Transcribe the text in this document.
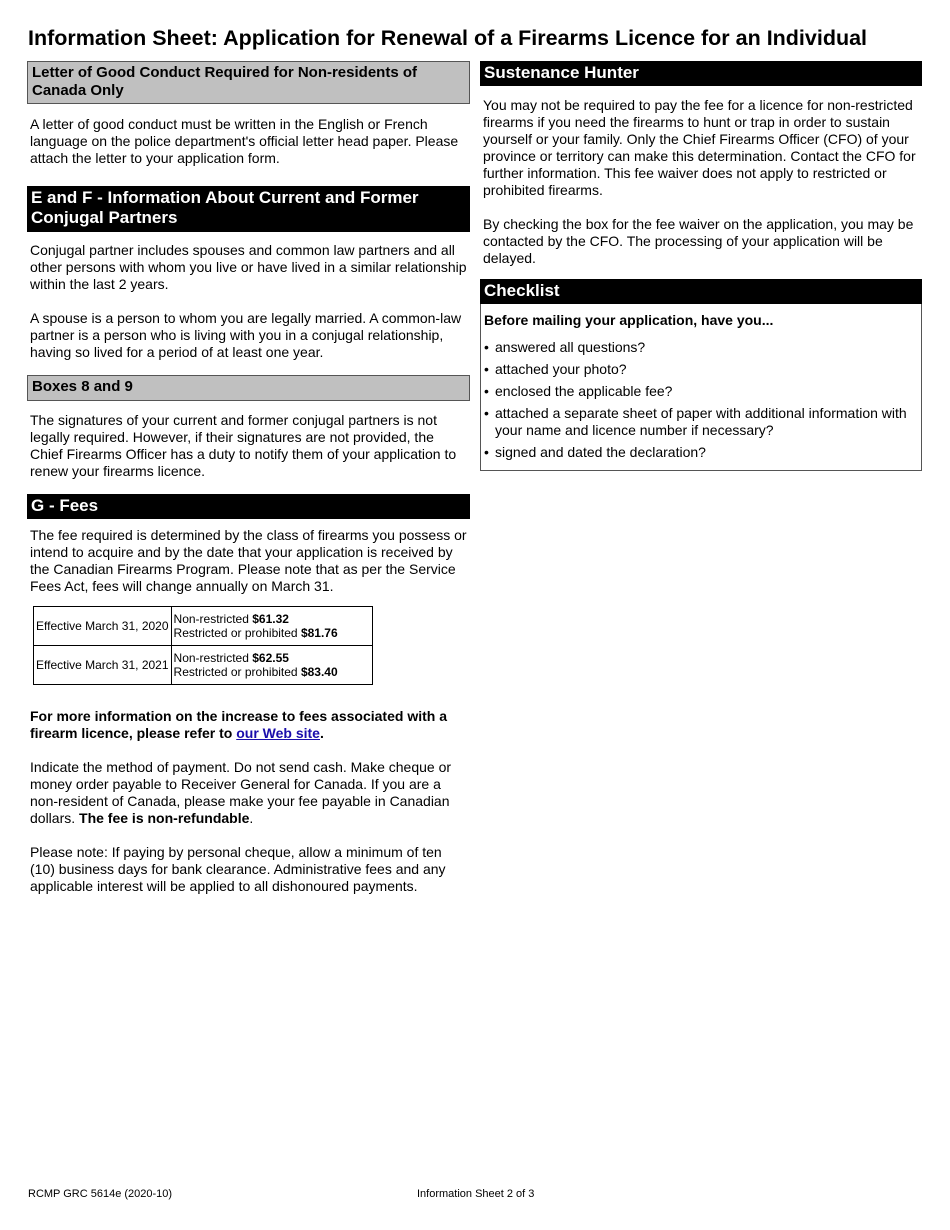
Information Sheet: Application for Renewal of a Firearms Licence for an Individual
Letter of Good Conduct Required for Non-residents of Canada Only

A letter of good conduct must be written in the English or French language on the police department's official letter head paper. Please attach the letter to your application form.

E and F - Information About Current and Former Conjugal Partners

Conjugal partner includes spouses and common law partners and all other persons with whom you live or have lived in a similar relationship within the last 2 years.

A spouse is a person to whom you are legally married. A common-law partner is a person who is living with you in a conjugal relationship, having so lived for a period of at least one year.

Boxes 8 and 9

The signatures of your current and former conjugal partners is not legally required. However, if their signatures are not provided, the Chief Firearms Officer has a duty to notify them of your application to renew your firearms licence.

G - Fees

The fee required is determined by the class of firearms you possess or intend to acquire and by the date that your application is received by the Canadian Firearms Program. Please note that as per the Service Fees Act, fees will change annually on March 31.

Effective March 31, 2020	Non-restricted $61.32
Restricted or prohibited $81.76
Effective March 31, 2021	Non-restricted $62.55
Restricted or prohibited $83.40

For more information on the increase to fees associated with a firearm licence, please refer to our Web site.

Indicate the method of payment. Do not send cash. Make cheque or money order payable to Receiver General for Canada. If you are a non-resident of Canada, please make your fee payable in Canadian dollars. The fee is non-refundable.

Please note: If paying by personal cheque, allow a minimum of ten (10) business days for bank clearance. Administrative fees and any applicable interest will be applied to all dishonoured payments.

Sustenance Hunter

You may not be required to pay the fee for a licence for non-restricted firearms if you need the firearms to hunt or trap in order to sustain yourself or your family. Only the Chief Firearms Officer (CFO) of your province or territory can make this determination. Contact the CFO for further information. This fee waiver does not apply to restricted or prohibited firearms.

By checking the box for the fee waiver on the application, you may be contacted by the CFO. The processing of your application will be delayed.

Checklist

Before mailing your application, have you...

• answered all questions?
• attached your photo?
• enclosed the applicable fee?
• attached a separate sheet of paper with additional information with your name and licence number if necessary?
• signed and dated the declaration?
RCMP GRC 5614e (2020-10)	Information Sheet 2 of 3
